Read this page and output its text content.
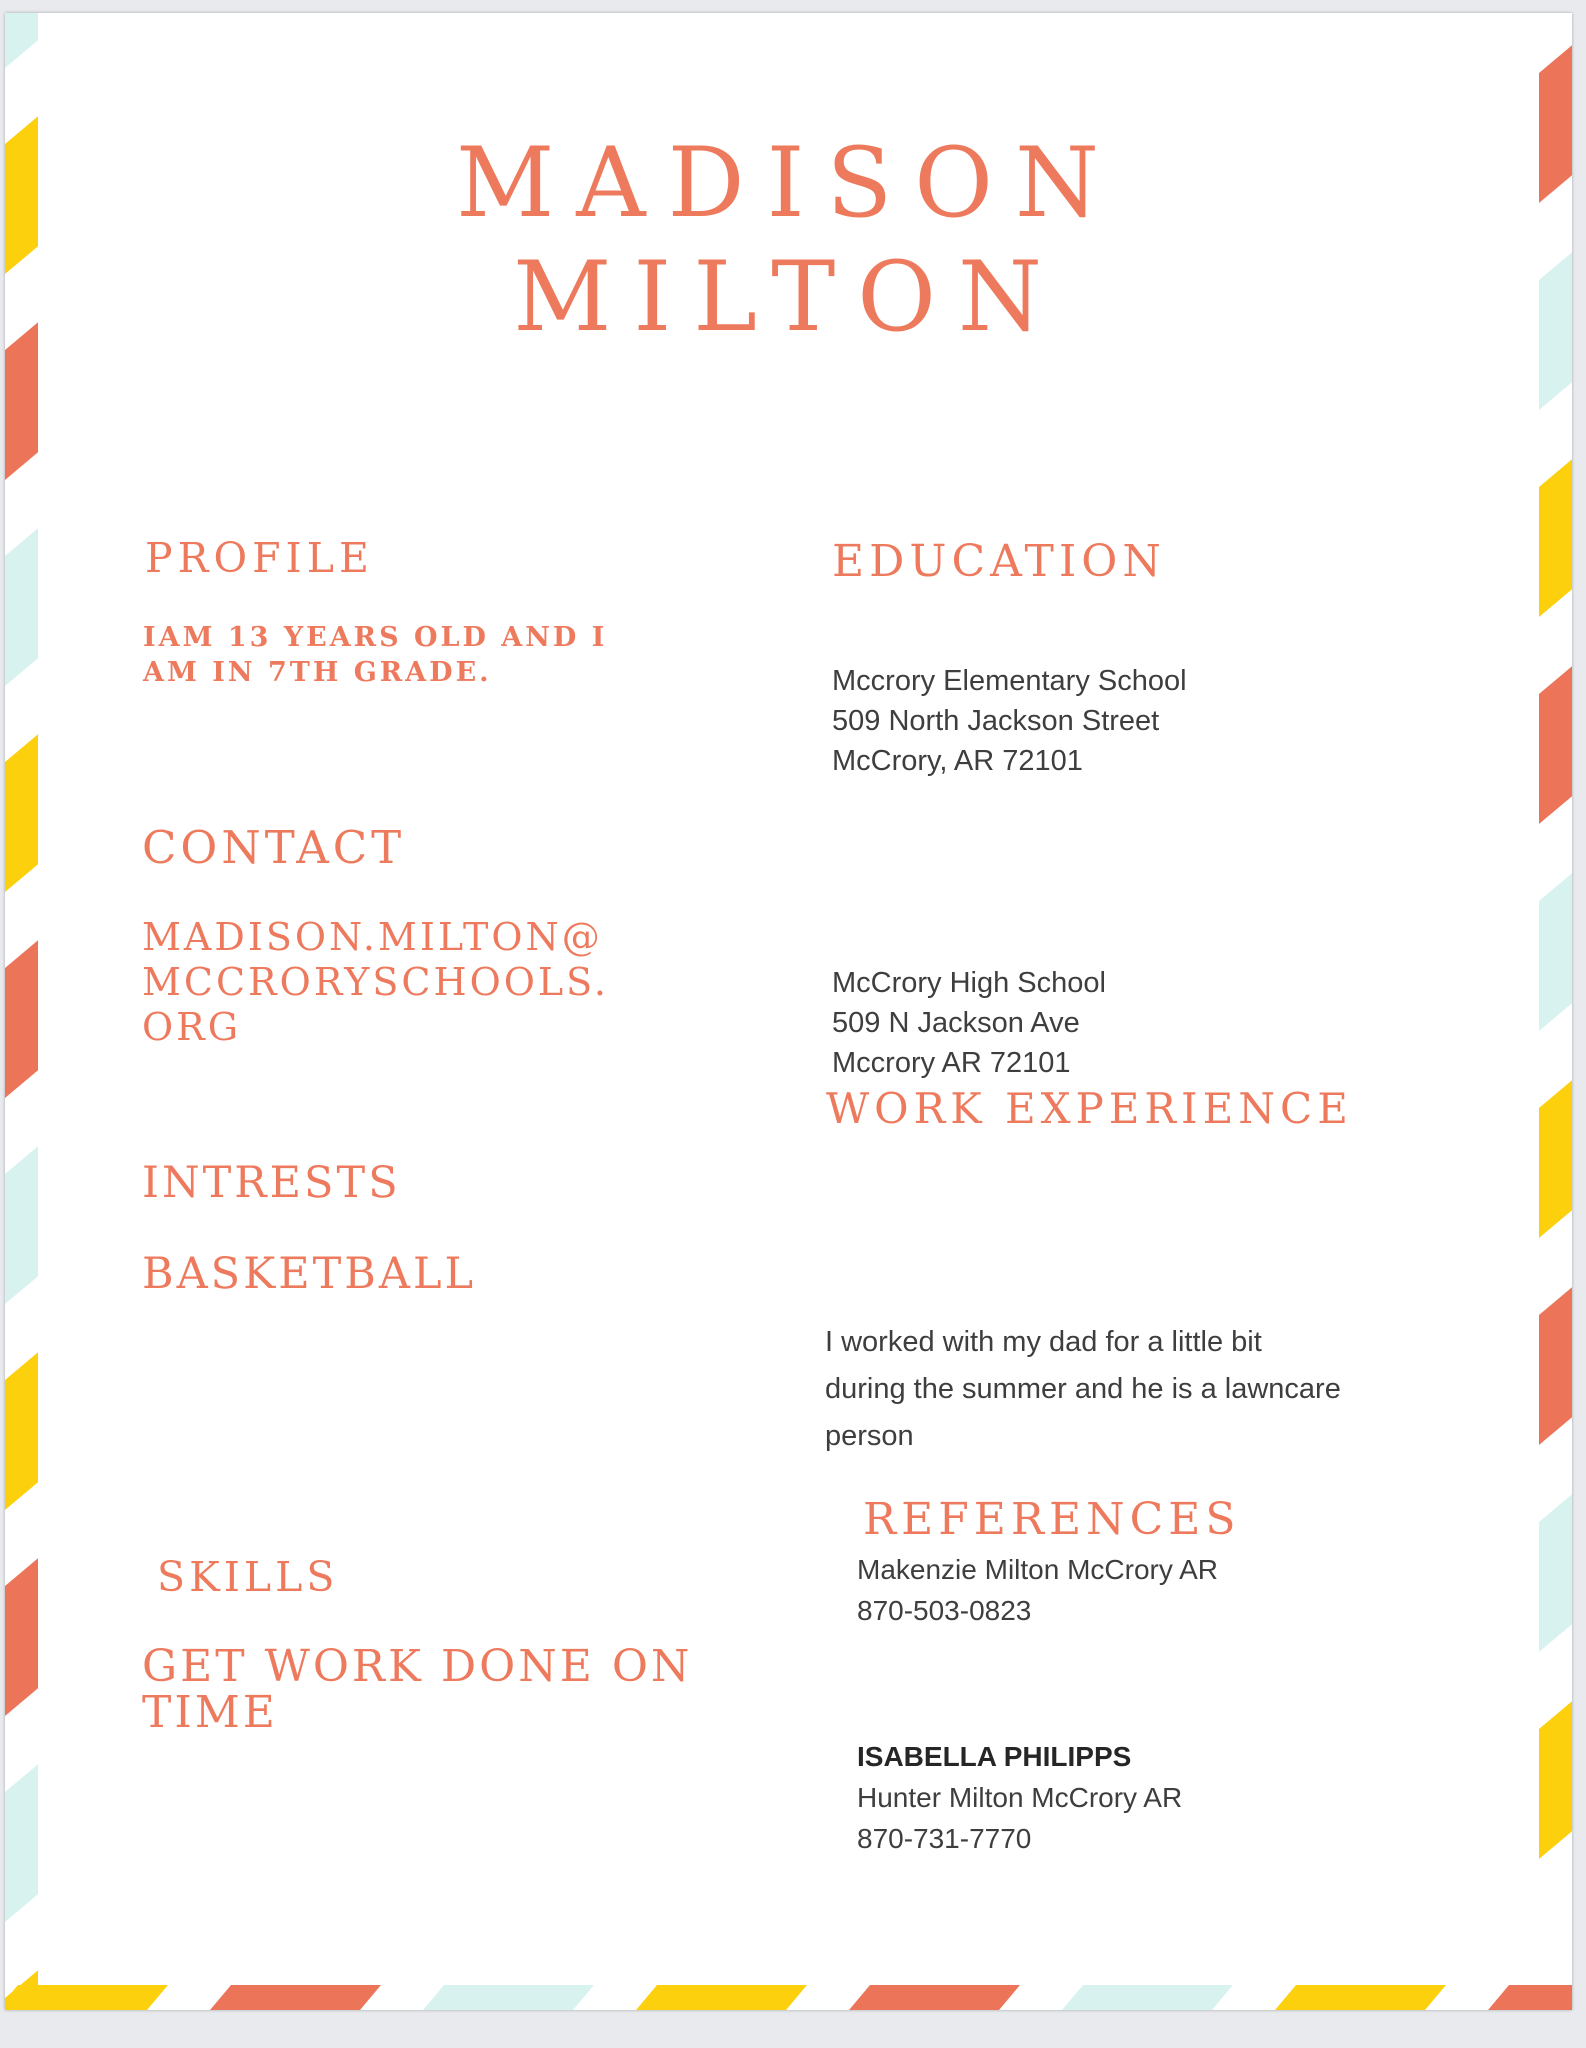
MADISON
MILTON
PROFILE
IAM 13 YEARS OLD AND I AM IN 7TH GRADE.
CONTACT
MADISON.MILTON@MCCRORYSCHOOLS.ORG
INTRESTS
BASKETBALL
SKILLS
GET WORK DONE ON TIME
EDUCATION
Mccrory Elementary School
509 North Jackson Street
McCrory, AR 72101
McCrory High School
509 N Jackson Ave
Mccrory AR 72101
WORK EXPERIENCE
I worked with my dad for a little bit during the summer and he is a lawncare person
REFERENCES
Makenzie Milton McCrory AR
870-503-0823
ISABELLA PHILIPPS
Hunter Milton McCrory AR
870-731-7770
